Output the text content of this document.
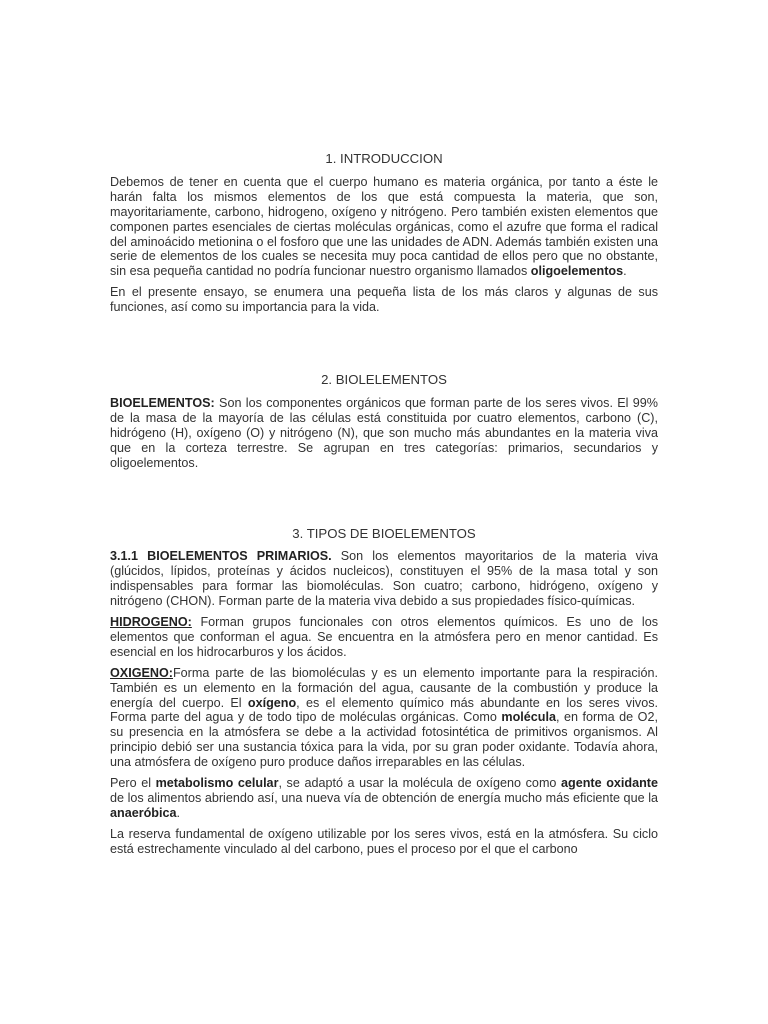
1. INTRODUCCION

Debemos de tener en cuenta que el cuerpo humano es materia orgánica, por tanto a éste le harán falta los mismos elementos de los que está compuesta la materia, que son, mayoritariamente, carbono, hidrogeno, oxígeno y nitrógeno. Pero también existen elementos que componen partes esenciales de ciertas moléculas orgánicas, como el azufre que forma el radical del aminoácido metionina o el fosforo que une las unidades de ADN. Además también existen una serie de elementos de los cuales se necesita muy poca cantidad de ellos pero que no obstante, sin esa pequeña cantidad no podría funcionar nuestro organismo llamados oligoelementos.

En el presente ensayo, se enumera una pequeña lista de los más claros y algunas de sus funciones, así como su importancia para la vida.

2. BIOLELEMENTOS

BIOELEMENTOS: Son los componentes orgánicos que forman parte de los seres vivos. El 99% de la masa de la mayoría de las células está constituida por cuatro elementos, carbono (C), hidrógeno (H), oxígeno (O) y nitrógeno (N), que son mucho más abundantes en la materia viva que en la corteza terrestre. Se agrupan en tres categorías: primarios, secundarios y oligoelementos.

3. TIPOS DE BIOELEMENTOS

3.1.1 BIOELEMENTOS PRIMARIOS. Son los elementos mayoritarios de la materia viva (glúcidos, lípidos, proteínas y ácidos nucleicos), constituyen el 95% de la masa total y son indispensables para formar las biomoléculas. Son cuatro; carbono, hidrógeno, oxígeno y nitrógeno (CHON). Forman parte de la materia viva debido a sus propiedades físico-químicas.

HIDROGENO: Forman grupos funcionales con otros elementos químicos. Es uno de los elementos que conforman el agua. Se encuentra en la atmósfera pero en menor cantidad. Es esencial en los hidrocarburos y los ácidos.

OXIGENO:Forma parte de las biomoléculas y es un elemento importante para la respiración. También es un elemento en la formación del agua, causante de la combustión y produce la energía del cuerpo. El oxígeno, es el elemento químico más abundante en los seres vivos. Forma parte del agua y de todo tipo de moléculas orgánicas. Como molécula, en forma de O2, su presencia en la atmósfera se debe a la actividad fotosintética de primitivos organismos. Al principio debió ser una sustancia tóxica para la vida, por su gran poder oxidante. Todavía ahora, una atmósfera de oxígeno puro produce daños irreparables en las células.

Pero el metabolismo celular, se adaptó a usar la molécula de oxígeno como agente oxidante de los alimentos abriendo así, una nueva vía de obtención de energía mucho más eficiente que la anaeróbica.

La reserva fundamental de oxígeno utilizable por los seres vivos, está en la atmósfera. Su ciclo está estrechamente vinculado al del carbono, pues el proceso por el que el carbono
